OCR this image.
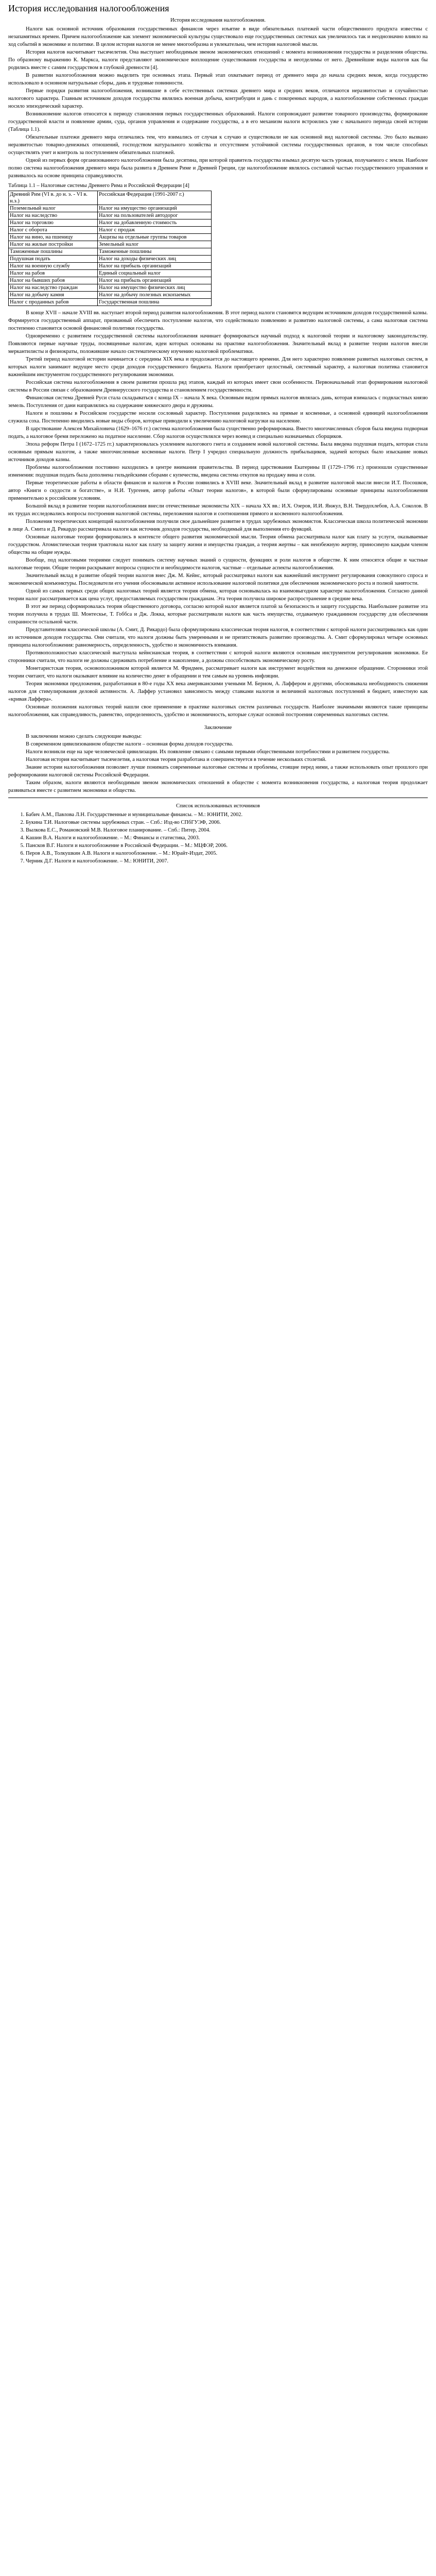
История исследования налогообложения

История исследования налогообложения.

Налоги как основной источник образования государственных финансов через изъятие в виде обязательных платежей части общественного продукта известны с незапамятных времен. Причем налогообложение как элемент экономической культуры существовало еще государственных системах как увеличилось так и неоднозначно влияло на ход событий в экономике и политике. В целом история налогов не менее многообразна и увлекательна, чем история налоговой мысли.

История налогов насчитывает тысячелетия. Она выступает необходимым звеном экономических отношений с момента возникновения государства и разделения общества. По образному выражению К. Маркса, налоги представляют экономическое воплощение существования государства и неотделимы от него. Древнейшие виды налогов как бы родились вместе с самим государством в глубокой древности [4].

В развитии налогообложения можно выделить три основных этапа. Первый этап охватывает период от древнего мира до начала средних веков, когда государство использовало в основном натуральные сборы, дань и трудовые повинности.

Первые порядки развития налогообложения, возникшие в себе естественных системах древнего мира и средних веков, отличаются неразвитостью и случайностью налогового характера. Главным источником доходов государства являлись военная добыча, контрибуции и дань с покоренных народов, а налогообложение собственных граждан носило эпизодический характер.

Возникновение налогов относится к периоду становления первых государственных образований. Налоги сопровождают развитие товарного производства, формирование государственной власти и появление армии, суда, органов управления и содержание государства, а в его механизм налоги встроились уже с начального периода своей истории (Таблица 1.1).

Обязательные платежи древнего мира отличались тем, что взимались от случая к случаю и существовали не как основной вид налоговой системы. Это было вызвано неразвитостью товарно-денежных отношений, господством натурального хозяйства и отсутствием устойчивой системы государственных органов, в том числе способных осуществлять учет и контроль за поступлением обязательных платежей.

Одной из первых форм организованного налогообложения была десятина, при которой правитель государства изымал десятую часть урожая, получаемого с земли. Наиболее полно система налогообложения древнего мира была развита в Древнем Риме и Древней Греции, где налогообложение являлось составной частью государственного управления и развивалось на основе принципа справедливости.

Таблица 1.1 – Налоговые системы Древнего Рима и Российской Федерации [4]

Древний Рим (VI в. до н. э. - VI в. н.э.)	Российская Федерация (1991-2007 г.)
Поземельный налог	Налог на имущество организаций
Налог на наследство	Налог на пользователей автодорог
Налог на торговлю	Налог на добавленную стоимость
Налог с оборота	Налог с продаж
Налог на вино, на пшеницу	Акцизы на отдельные группы товаров
Налог на жилые постройки	Земельный налог
Таможенные пошлины	Таможенные пошлины
Подушная подать	Налог на доходы физических лиц
Налог на военную службу	Налог на прибыль организаций
Налог на рабов	Единый социальный налог
Налог на бывших рабов	Налог на прибыль организаций
Налог на наследство граждан	Налог на имущество физических лиц
Налог на добычу камня	Налог на добычу полезных ископаемых
Налог с проданных рабов	Государственная пошлина

В конце XVII – начале XVIII вв. наступает второй период развития налогообложения. В этот период налоги становятся ведущим источником доходов государственной казны. Формируется государственный аппарат, призванный обеспечить поступление налогов, что содействовало появлению и развитию налоговой системы, а сама налоговая система постепенно становится основой финансовой политики государства.

Одновременно с развитием государственной системы налогообложения начинает формироваться научный подход к налоговой теории и налоговому законодательству. Появляются первые научные труды, посвященные налогам, идеи которых основаны на практике налогообложения. Значительный вклад в развитие теории налогов внесли меркантилисты и физиократы, положившие начало систематическому изучению налоговой проблематики.

Третий период налоговой истории начинается с середины XIX века и продолжается до настоящего времени. Для него характерно появление развитых налоговых систем, в которых налоги занимают ведущее место среди доходов государственного бюджета. Налоги приобретают целостный, системный характер, а налоговая политика становится важнейшим инструментом государственного регулирования экономики.

Российская система налогообложения в своем развитии прошла ряд этапов, каждый из которых имеет свои особенности. Первоначальный этап формирования налоговой системы в России связан с образованием Древнерусского государства и становлением государственности.

Финансовая система Древней Руси стала складываться с конца IX – начала X века. Основным видом прямых налогов являлась дань, которая взималась с подвластных князю земель. Поступления от дани направлялись на содержание княжеского двора и дружины.

Налоги и пошлины в Российском государстве носили сословный характер. Поступления разделялись на прямые и косвенные, а основной единицей налогообложения служила соха. Постепенно вводились новые виды сборов, которые приводили к увеличению налоговой нагрузки на население.

В царствование Алексея Михайловича (1629–1676 гг.) система налогообложения была существенно реформирована. Вместо многочисленных сборов была введена подворная подать, а налоговое бремя переложено на податное население. Сбор налогов осуществлялся через воевод и специально назначаемых сборщиков.

Эпоха реформ Петра I (1672–1725 гг.) характеризовалась усилением налогового гнета и созданием новой налоговой системы. Была введена подушная подать, которая стала основным прямым налогом, а также многочисленные косвенные налоги. Петр I учредил специальную должность прибыльщиков, задачей которых было изыскание новых источников доходов казны.

Проблемы налогообложения постоянно находились в центре внимания правительства. В период царствования Екатерины II (1729–1796 гг.) произошли существенные изменения: подушная подать была дополнена гильдейскими сборами с купечества, введена система откупов на продажу вина и соли.

Первые теоретические работы в области финансов и налогов в России появились в XVIII веке. Значительный вклад в развитие налоговой мысли внесли И.Т. Посошков, автор «Книги о скудости и богатстве», и Н.И. Тургенев, автор работы «Опыт теории налогов», в которой были сформулированы основные принципы налогообложения применительно к российским условиям.

Большой вклад в развитие теории налогообложения внесли отечественные экономисты XIX – начала XX вв.: И.Х. Озеров, И.И. Янжул, В.Н. Твердохлебов, А.А. Соколов. В их трудах исследовались вопросы построения налоговой системы, переложения налогов и соотношения прямого и косвенного налогообложения.

Положения теоретических концепций налогообложения получили свое дальнейшее развитие в трудах зарубежных экономистов. Классическая школа политической экономии в лице А. Смита и Д. Рикардо рассматривала налоги как источник доходов государства, необходимый для выполнения его функций.

Основные налоговые теории формировались в контексте общего развития экономической мысли. Теория обмена рассматривала налог как плату за услуги, оказываемые государством. Атомистическая теория трактовала налог как плату за защиту жизни и имущества граждан, а теория жертвы – как неизбежную жертву, приносимую каждым членом общества на общие нужды.

Вообще, под налоговыми теориями следует понимать систему научных знаний о сущности, функциях и роли налогов в обществе. К ним относятся общие и частные налоговые теории. Общие теории раскрывают вопросы сущности и необходимости налогов, частные – отдельные аспекты налогообложения.

Значительный вклад в развитие общей теории налогов внес Дж. М. Кейнс, который рассматривал налоги как важнейший инструмент регулирования совокупного спроса и экономической конъюнктуры. Последователи его учения обосновывали активное использование налоговой политики для обеспечения экономического роста и полной занятости.

Одной из самых первых среди общих налоговых теорий является теория обмена, которая основывалась на взаимовыгодном характере налогообложения. Согласно данной теории налог рассматривается как цена услуг, предоставляемых государством гражданам. Эта теория получила широкое распространение в средние века.

В этот же период сформировалась теория общественного договора, согласно которой налог является платой за безопасность и защиту государства. Наибольшее развитие эта теория получила в трудах Ш. Монтескье, Т. Гоббса и Дж. Локка, которые рассматривали налоги как часть имущества, отдаваемую гражданином государству для обеспечения сохранности остальной части.

Представителями классической школы (А. Смит, Д. Рикардо) была сформулирована классическая теория налогов, в соответствии с которой налоги рассматривались как один из источников доходов государства. Они считали, что налоги должны быть умеренными и не препятствовать развитию производства. А. Смит сформулировал четыре основных принципа налогообложения: равномерность, определенность, удобство и экономичность взимания.

Противоположностью классической выступала кейнсианская теория, в соответствии с которой налоги являются основным инструментом регулирования экономики. Ее сторонники считали, что налоги не должны сдерживать потребление и накопление, а должны способствовать экономическому росту.

Монетаристская теория, основоположником которой является М. Фридмен, рассматривает налоги как инструмент воздействия на денежное обращение. Сторонники этой теории считают, что налоги оказывают влияние на количество денег в обращении и тем самым на уровень инфляции.

Теория экономики предложения, разработанная в 80-е годы XX века американскими учеными М. Берном, А. Лаффером и другими, обосновывала необходимость снижения налогов для стимулирования деловой активности. А. Лаффер установил зависимость между ставками налогов и величиной налоговых поступлений в бюджет, известную как «кривая Лаффера».

Основные положения налоговых теорий нашли свое применение в практике налоговых систем различных государств. Наиболее значимыми являются такие принципы налогообложения, как справедливость, равенство, определенность, удобство и экономичность, которые служат основой построения современных налоговых систем.

Заключение

В заключении можно сделать следующие выводы:

В современном цивилизованном обществе налоги – основная форма доходов государства.

Налоги возникли еще на заре человеческой цивилизации. Их появление связано с самыми первыми общественными потребностями и развитием государства.

Налоговая история насчитывает тысячелетия, а налоговая теория разработана и совершенствуется в течение нескольких столетий.

Знание истории налогообложения позволяет лучше понимать современные налоговые системы и проблемы, стоящие перед ними, а также использовать опыт прошлого при реформировании налоговой системы Российской Федерации.

Таким образом, налоги являются необходимым звеном экономических отношений в обществе с момента возникновения государства, а налоговая теория продолжает развиваться вместе с развитием экономики и общества.

Список использованных источников

1. Бабич А.М., Павлова Л.Н. Государственные и муниципальные финансы. – М.: ЮНИТИ, 2002.
2. Букина Т.И. Налоговые системы зарубежных стран. – Спб.: Изд-во СПбГУЭФ, 2006.
3. Вылкова Е.С., Романовский М.В. Налоговое планирование. – Спб.: Питер, 2004.
4. Кашин В.А. Налоги и налогообложение. – М.: Финансы и статистика, 2003.
5. Пансков В.Г. Налоги и налогообложение в Российской Федерации. – М.: МЦФЭР, 2006.
6. Перов А.В., Толкушкин А.В. Налоги и налогообложение. – М.: Юрайт-Издат, 2005.
7. Черник Д.Г. Налоги и налогообложение. – М.: ЮНИТИ, 2007.
